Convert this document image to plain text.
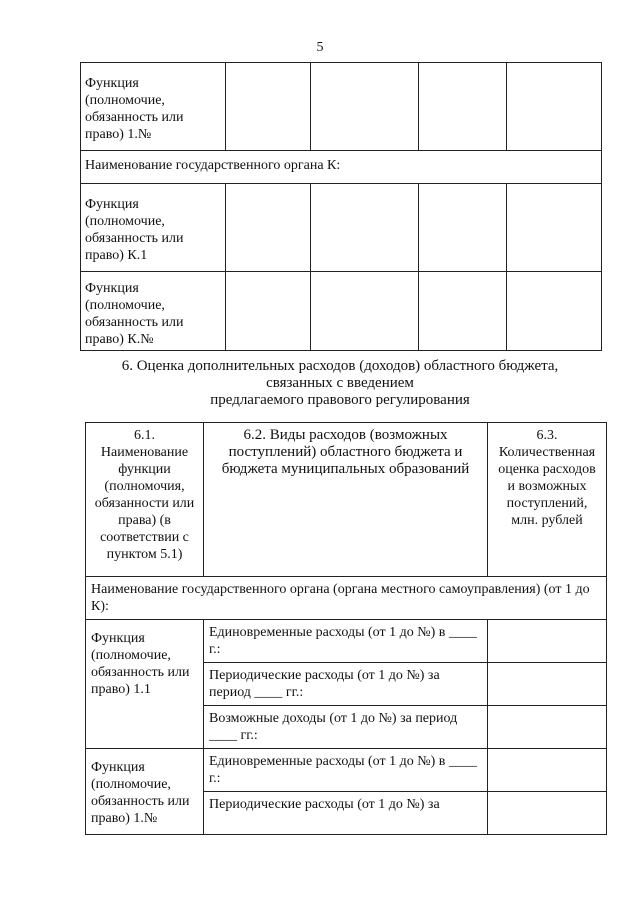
5
Функция (полномочие, обязанность или право) 1.№				
Наименование государственного органа К:				
Функция (полномочие, обязанность или право) К.1				
Функция (полномочие, обязанность или право) К.№				
6. Оценка дополнительных расходов (доходов) областного бюджета,
связанных с введением
предлагаемого правового регулирования
6.1. Наименование функции (полномочия, обязанности или права) (в соответствии с пунктом 5.1)	6.2. Виды расходов (возможных поступлений) областного бюджета и бюджета муниципальных образований	6.3. Количественная оценка расходов и возможных поступлений, млн. рублей
Наименование государственного органа (органа местного самоуправления) (от 1 до К):		
Функция (полномочие, обязанность или право) 1.1	Единовременные расходы (от 1 до №) в ____ г.:	
	Периодические расходы (от 1 до №) за период ____ гг.:	
	Возможные доходы (от 1 до №) за период ____ гг.:	
Функция (полномочие, обязанность или право) 1.№	Единовременные расходы (от 1 до №) в ____ г.:	
	Периодические расходы (от 1 до №) за	
